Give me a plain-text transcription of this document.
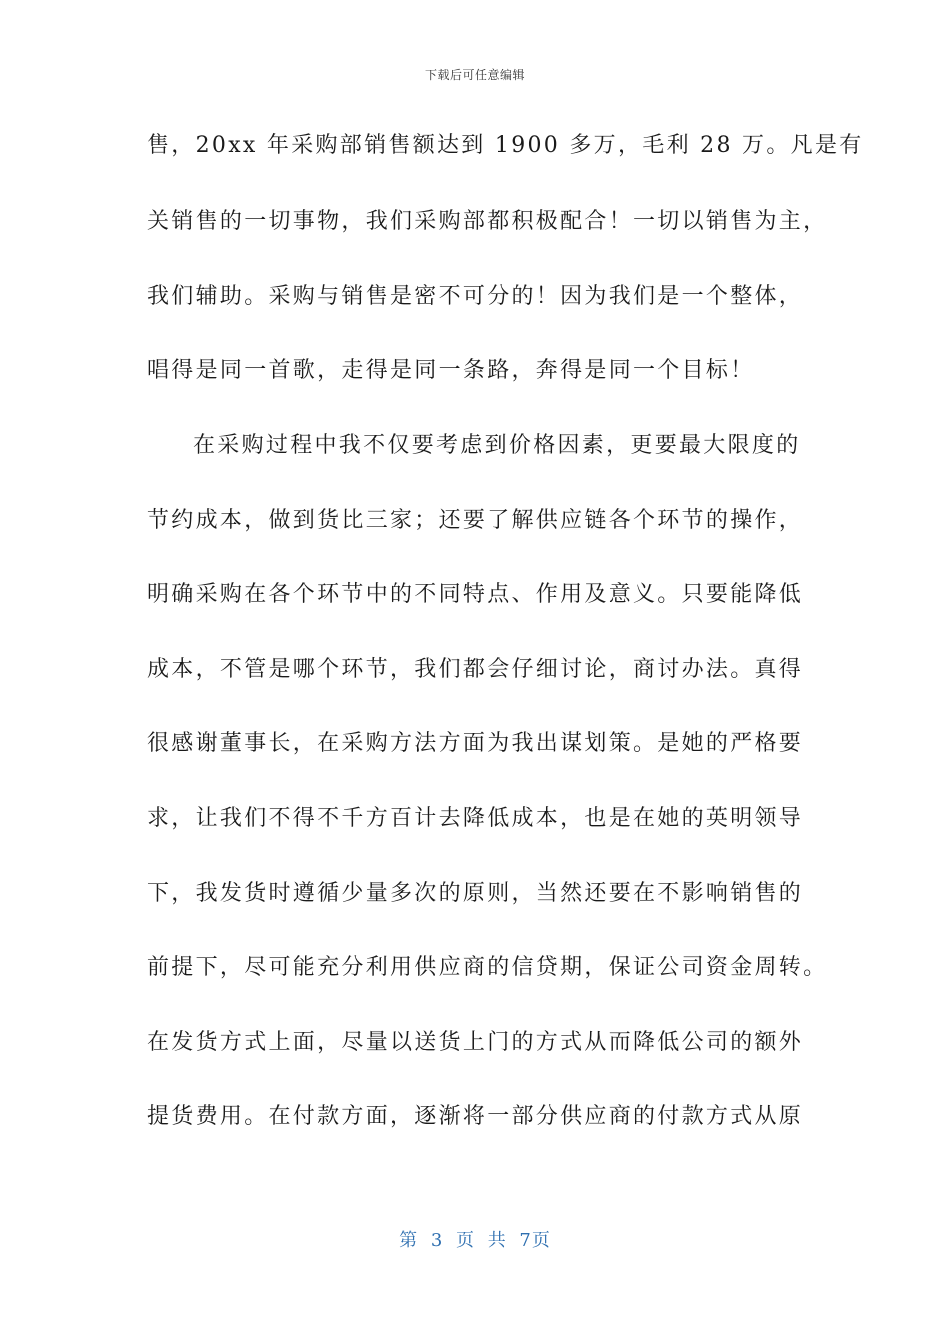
下载后可任意编辑
售，20xx 年采购部销售额达到 1900 多万，毛利 28 万。凡是有
关销售的一切事物，我们采购部都积极配合！一切以销售为主，
我们辅助。采购与销售是密不可分的！因为我们是一个整体，
唱得是同一首歌，走得是同一条路，奔得是同一个目标！
在采购过程中我不仅要考虑到价格因素，更要最大限度的
节约成本，做到货比三家；还要了解供应链各个环节的操作，
明确采购在各个环节中的不同特点、作用及意义。只要能降低
成本，不管是哪个环节，我们都会仔细讨论，商讨办法。真得
很感谢董事长，在采购方法方面为我出谋划策。是她的严格要
求，让我们不得不千方百计去降低成本，也是在她的英明领导
下，我发货时遵循少量多次的原则，当然还要在不影响销售的
前提下，尽可能充分利用供应商的信贷期，保证公司资金周转。
在发货方式上面，尽量以送货上门的方式从而降低公司的额外
提货费用。在付款方面，逐渐将一部分供应商的付款方式从原
第 3 页 共 7页
